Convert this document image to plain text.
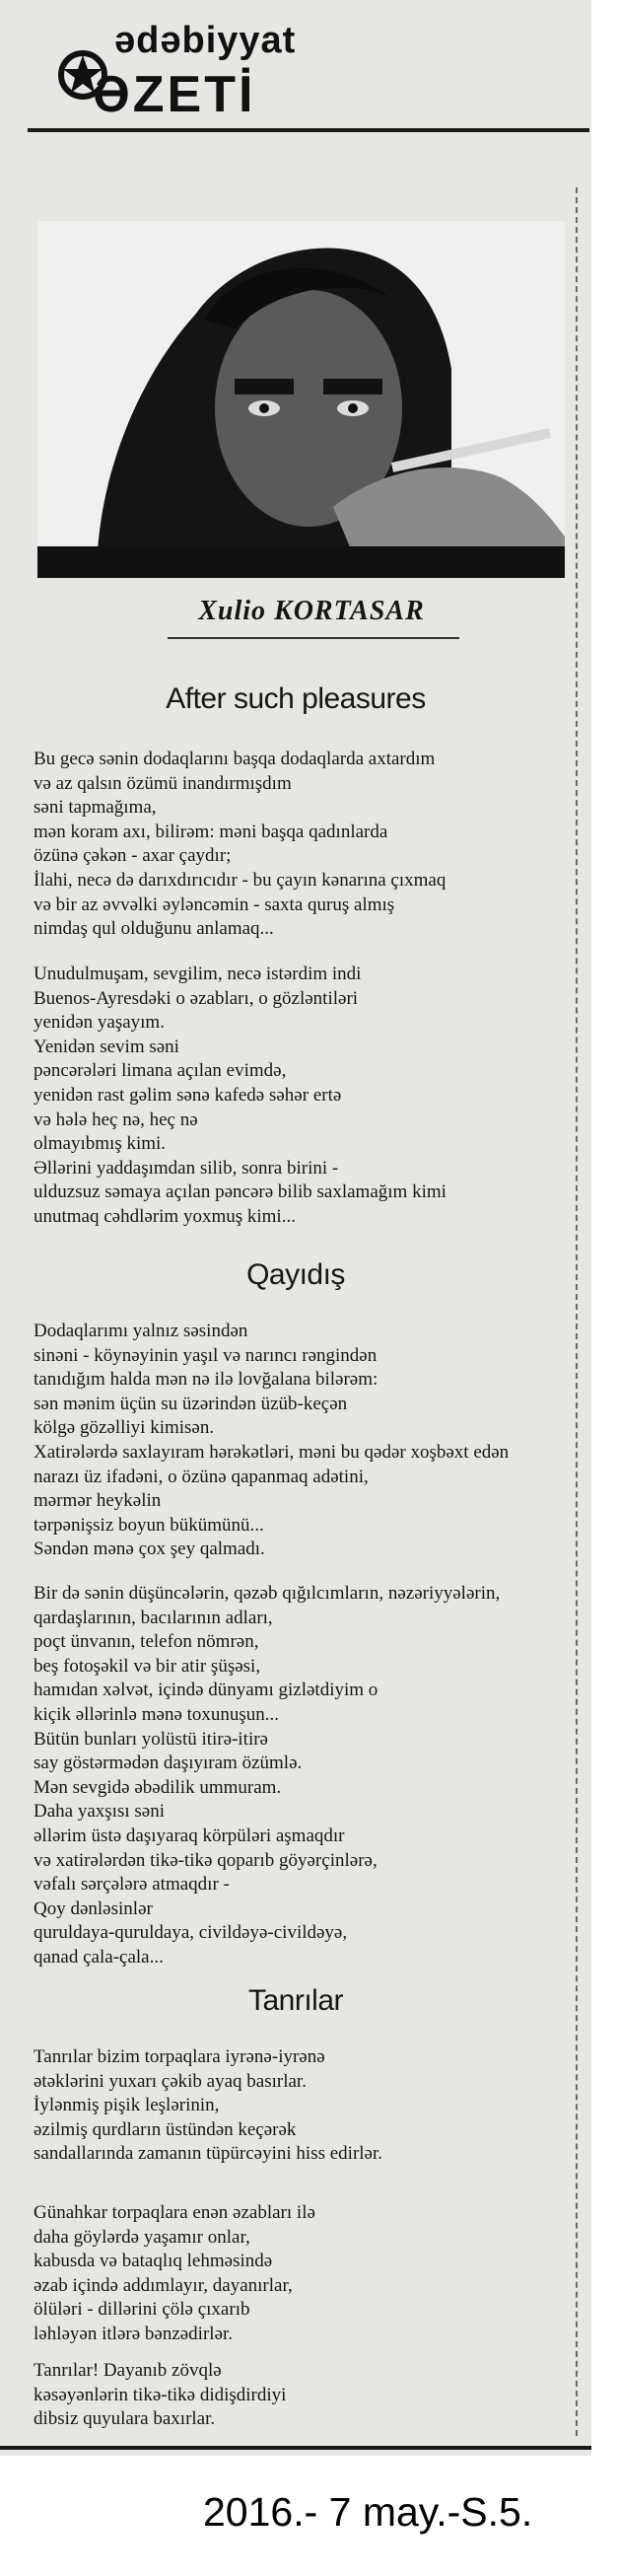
ədəbiyyat
ƏZETİ
Xulio KORTASAR
After such pleasures
Bu gecə sənin dodaqlarını başqa dodaqlarda axtardım
və az qalsın özümü inandırmışdım
səni tapmağıma,
mən koram axı, bilirəm: məni başqa qadınlarda
özünə çəkən - axar çaydır;
İlahi, necə də darıxdırıcıdır - bu çayın kənarına çıxmaq
və bir az əvvəlki əyləncəmin - saxta quruş almış
nimdaş qul olduğunu anlamaq...
Unudulmuşam, sevgilim, necə istərdim indi
Buenos-Ayresdəki o əzabları, o gözləntiləri
yenidən yaşayım.
Yenidən sevim səni
pəncərələri limana açılan evimdə,
yenidən rast gəlim sənə kafedə səhər ertə
və hələ heç nə, heç nə
olmayıbmış kimi.
Əllərini yaddaşımdan silib, sonra birini -
ulduzsuz səmaya açılan pəncərə bilib saxlamağım kimi
unutmaq cəhdlərim yoxmuş kimi...
Qayıdış
Dodaqlarımı yalnız səsindən
sinəni - köynəyinin yaşıl və narıncı rəngindən
tanıdığım halda mən nə ilə lovğalana bilərəm:
sən mənim üçün su üzərindən üzüb-keçən
kölgə gözəlliyi kimisən.
Xatirələrdə saxlayıram hərəkətləri, məni bu qədər xoşbəxt edən
narazı üz ifadəni, o özünə qapanmaq adətini,
mərmər heykəlin
tərpənişsiz boyun bükümünü...
Səndən mənə çox şey qalmadı.
Bir də sənin düşüncələrin, qəzəb qığılcımların, nəzəriyyələrin,
qardaşlarının, bacılarının adları,
poçt ünvanın, telefon nömrən,
beş fotoşəkil və bir atir şüşəsi,
hamıdan xəlvət, içində dünyamı gizlətdiyim o
kiçik əllərinlə mənə toxunuşun...
Bütün bunları yolüstü itirə-itirə
say göstərmədən daşıyıram özümlə.
Mən sevgidə əbədilik ummuram.
Daha yaxşısı səni
əllərim üstə daşıyaraq körpüləri aşmaqdır
və xatirələrdən tikə-tikə qoparıb göyərçinlərə,
vəfalı sərçələrə atmaqdır -
Qoy dənləsinlər
quruldaya-quruldaya, civildəyə-civildəyə,
qanad çala-çala...
Tanrılar
Tanrılar bizim torpaqlara iyrənə-iyrənə
ətəklərini yuxarı çəkib ayaq basırlar.
İylənmiş pişik leşlərinin,
əzilmiş qurdların üstündən keçərək
sandallarında zamanın tüpürcəyini hiss edirlər.
Günahkar torpaqlara enən əzabları ilə
daha göylərdə yaşamır onlar,
kabusda və bataqlıq lehməsində
əzab içində addımlayır, dayanırlar,
ölüləri - dillərini çölə çıxarıb
ləhləyən itlərə bənzədirlər.
Tanrılar! Dayanıb zövqlə
kəsəyənlərin tikə-tikə didişdirdiyi
dibsiz quyulara baxırlar.
2016.- 7 may.-S.5.
